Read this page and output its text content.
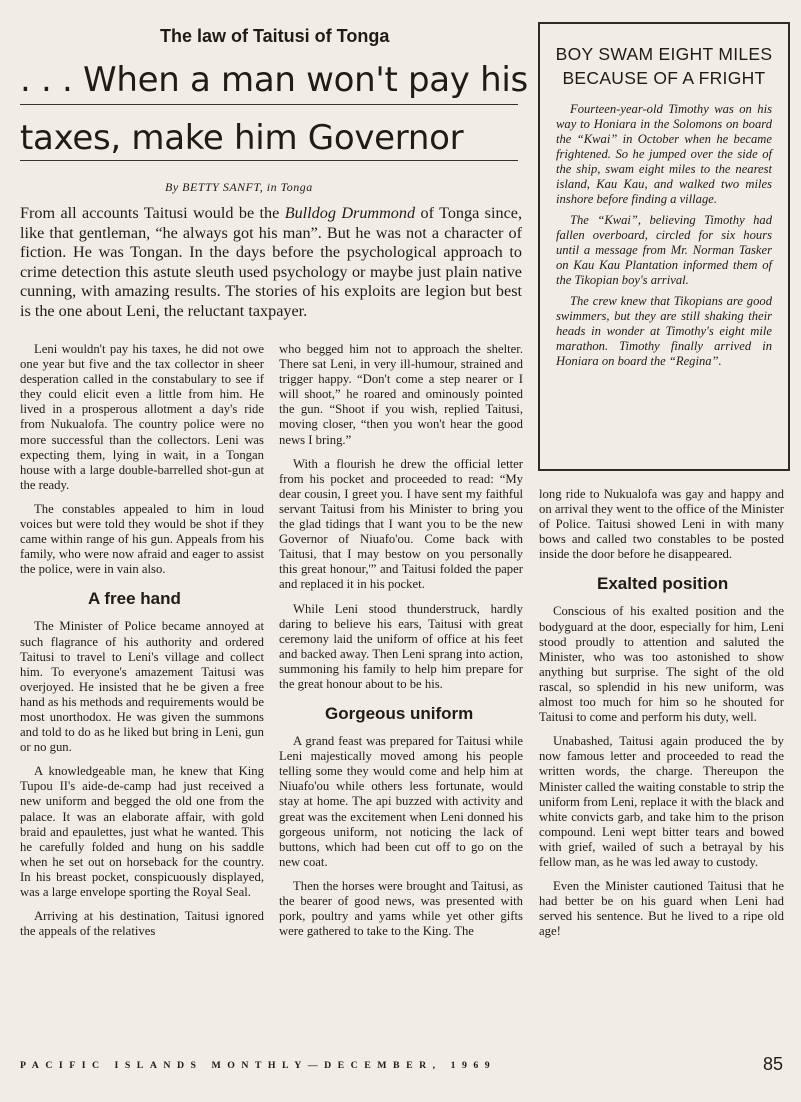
The law of Taitusi of Tonga
. . . When a man won't pay his
taxes, make him Governor
By BETTY SANFT, in Tonga
From all accounts Taitusi would be the Bulldog Drummond of Tonga since, like that gentleman, “he always got his man”. But he was not a character of fiction. He was Tongan. In the days before the psychological approach to crime detection this astute sleuth used psychology or maybe just plain native cunning, with amazing results. The stories of his exploits are legion but best is the one about Leni, the reluctant taxpayer.

Leni wouldn't pay his taxes, he did not owe one year but five and the tax collector in sheer desperation called in the constabulary to see if they could elicit even a little from him. He lived in a prosperous allotment a day's ride from Nukualofa. The country police were no more successful than the collectors. Leni was expecting them, lying in wait, in a Tongan house with a large double-barrelled shot-gun at the ready.

The constables appealed to him in loud voices but were told they would be shot if they came within range of his gun. Appeals from his family, who were now afraid and eager to assist the police, were in vain also.

A free hand

The Minister of Police became annoyed at such flagrance of his authority and ordered Taitusi to travel to Leni's village and collect him. To everyone's amazement Taitusi was overjoyed. He insisted that he be given a free hand as his methods and requirements would be most unorthodox. He was given the summons and told to do as he liked but bring in Leni, gun or no gun.

A knowledgeable man, he knew that King Tupou II's aide-de-camp had just received a new uniform and begged the old one from the palace. It was an elaborate affair, with gold braid and epaulettes, just what he wanted. This he carefully folded and hung on his saddle when he set out on horseback for the country. In his breast pocket, conspicuously displayed, was a large envelope sporting the Royal Seal.

Arriving at his destination, Taitusi ignored the appeals of the relatives

who begged him not to approach the shelter. There sat Leni, in very ill-humour, strained and trigger happy. “Don't come a step nearer or I will shoot,” he roared and ominously pointed the gun. “Shoot if you wish, replied Taitusi, moving closer, “then you won't hear the good news I bring.”

With a flourish he drew the official letter from his pocket and proceeded to read: “My dear cousin, I greet you. I have sent my faithful servant Taitusi from his Minister to bring you the glad tidings that I want you to be the new Governor of Niuafo'ou. Come back with Taitusi, that I may bestow on you personally this great honour,'” and Taitusi folded the paper and replaced it in his pocket.

While Leni stood thunderstruck, hardly daring to believe his ears, Taitusi with great ceremony laid the uniform of office at his feet and backed away. Then Leni sprang into action, summoning his family to help him prepare for the great honour about to be his.

Gorgeous uniform

A grand feast was prepared for Taitusi while Leni majestically moved among his people telling some they would come and help him at Niuafo'ou while others less fortunate, would stay at home. The api buzzed with activity and great was the excitement when Leni donned his gorgeous uniform, not noticing the lack of buttons, which had been cut off to go on the new coat.

Then the horses were brought and Taitusi, as the bearer of good news, was presented with pork, poultry and yams while yet other gifts were gathered to take to the King. The

BOY SWAM EIGHT MILES BECAUSE OF A FRIGHT

Fourteen-year-old Timothy was on his way to Honiara in the Solomons on board the “Kwai” in October when he became frightened. So he jumped over the side of the ship, swam eight miles to the nearest island, Kau Kau, and walked two miles inshore before finding a village.

The “Kwai”, believing Timothy had fallen overboard, circled for six hours until a message from Mr. Norman Tasker on Kau Kau Plantation informed them of the Tikopian boy's arrival.

The crew knew that Tikopians are good swimmers, but they are still shaking their heads in wonder at Timothy's eight mile marathon. Timothy finally arrived in Honiara on board the “Regina”.

long ride to Nukualofa was gay and happy and on arrival they went to the office of the Minister of Police. Taitusi showed Leni in with many bows and called two constables to be posted inside the door before he disappeared.

Exalted position

Conscious of his exalted position and the bodyguard at the door, especially for him, Leni stood proudly to attention and saluted the Minister, who was too astonished to show anything but surprise. The sight of the old rascal, so splendid in his new uniform, was almost too much for him so he shouted for Taitusi to come and perform his duty, well.

Unabashed, Taitusi again produced the by now famous letter and proceeded to read the written words, the charge. Thereupon the Minister called the waiting constable to strip the uniform from Leni, replace it with the black and white convicts garb, and take him to the prison compound. Leni wept bitter tears and bowed with grief, wailed of such a betrayal by his fellow man, as he was led away to custody.

Even the Minister cautioned Taitusi that he had better be on his guard when Leni had served his sentence. But he lived to a ripe old age!

PACIFIC ISLANDS MONTHLY—DECEMBER, 1969	85
